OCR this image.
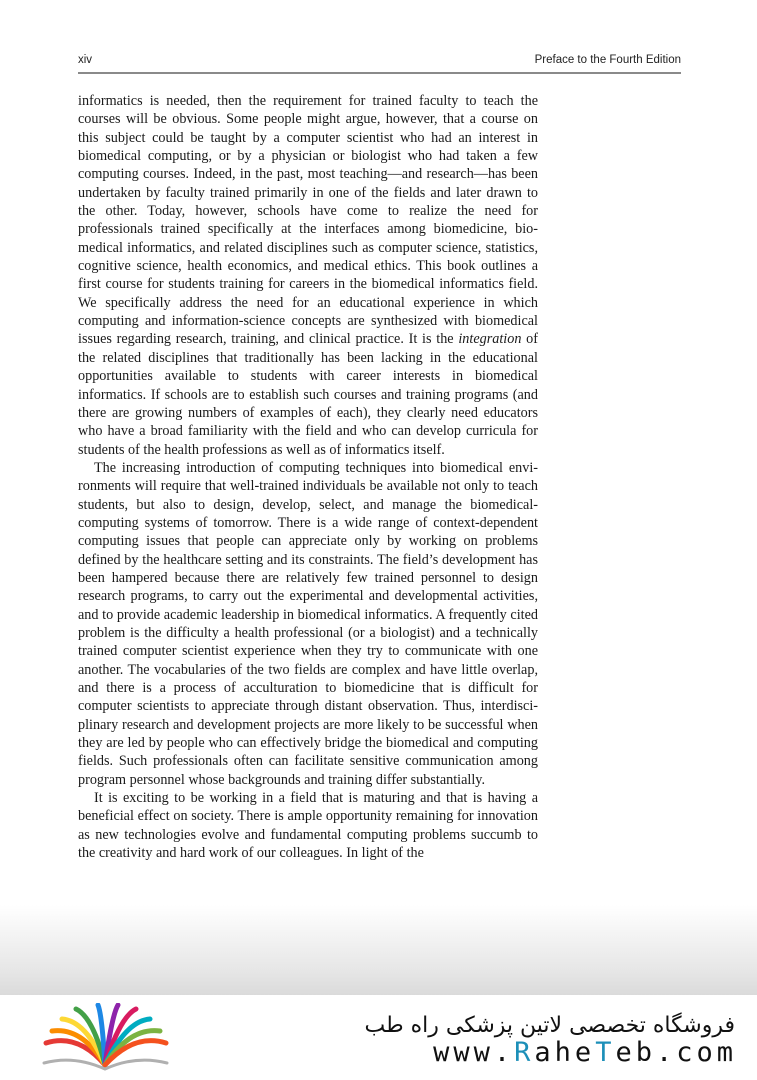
xiv	Preface to the Fourth Edition

informatics is needed, then the requirement for trained faculty to teach the courses will be obvious. Some people might argue, however, that a course on this subject could be taught by a computer scientist who had an interest in biomedical computing, or by a physician or biologist who had taken a few computing courses. Indeed, in the past, most teaching—and research—has been undertaken by faculty trained primarily in one of the fields and later drawn to the other. Today, however, schools have come to realize the need for professionals trained specifically at the interfaces among biomedicine, biomedical informatics, and related disciplines such as computer science, statistics, cognitive science, health economics, and medical ethics. This book outlines a first course for students training for careers in the biomedical informatics field. We specifically address the need for an educational experience in which computing and information-science concepts are synthesized with biomedical issues regarding research, training, and clinical practice. It is the integration of the related disciplines that traditionally has been lacking in the educational opportunities available to students with career interests in biomedical informatics. If schools are to establish such courses and training programs (and there are growing numbers of examples of each), they clearly need educators who have a broad familiarity with the field and who can develop curricula for students of the health professions as well as of informatics itself.

The increasing introduction of computing techniques into biomedical environments will require that well-trained individuals be available not only to teach students, but also to design, develop, select, and manage the biomedical-computing systems of tomorrow. There is a wide range of context-dependent computing issues that people can appreciate only by working on problems defined by the healthcare setting and its constraints. The field’s development has been hampered because there are relatively few trained personnel to design research programs, to carry out the experimental and developmental activities, and to provide academic leadership in biomedical informatics. A frequently cited problem is the difficulty a health professional (or a biologist) and a technically trained computer scientist experience when they try to communicate with one another. The vocabularies of the two fields are complex and have little overlap, and there is a process of acculturation to biomedicine that is difficult for computer scientists to appreciate through distant observation. Thus, interdisciplinary research and development projects are more likely to be successful when they are led by people who can effectively bridge the biomedical and computing fields. Such professionals often can facilitate sensitive communication among program personnel whose backgrounds and training differ substantially.

It is exciting to be working in a field that is maturing and that is having a beneficial effect on society. There is ample opportunity remaining for innovation as new technologies evolve and fundamental computing problems succumb to the creativity and hard work of our colleagues. In light of the

فروشگاه تخصصی لاتین پزشکی راه طب
www.RaheTeb.com
